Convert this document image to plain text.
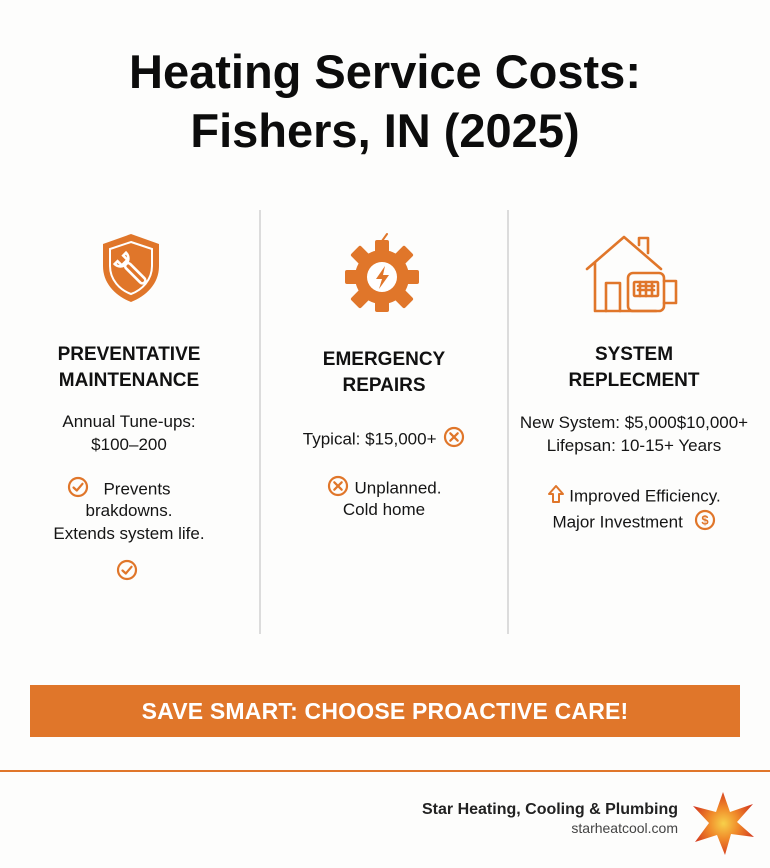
Heating Service Costs:
Fishers, IN (2025)
PREVENTATIVE
MAINTENANCE
Annual Tune-ups:
$100–200
Prevents
brakdowns.
Extends system life.
EMERGENCY
REPAIRS
Typical: $15,000+
Unplanned.
Cold home
SYSTEM
REPLECMENT
New System: $5,000$10,000+
Lifepsan: 10-15+ Years
Improved Efficiency.
Major Investment $
SAVE SMART: CHOOSE PROACTIVE CARE!
Star Heating, Cooling & Plumbing
starheatcool.com
